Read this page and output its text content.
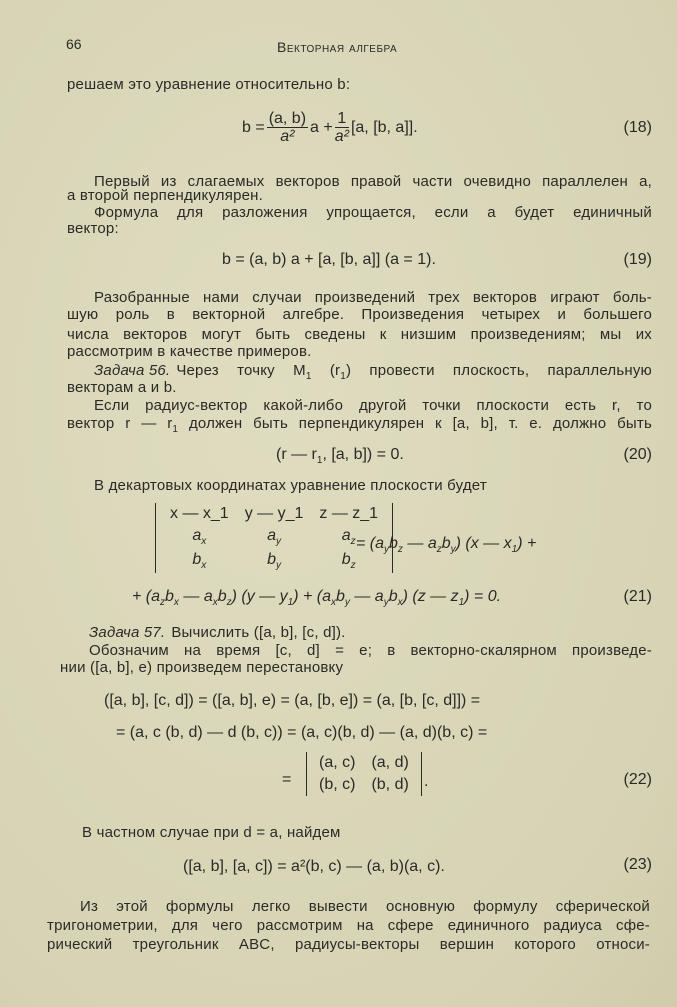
66	Векторная алгебра
решаем это уравнение относительно b:
$b = \frac{(a, b)}{\text{a²}}$ $a + \frac{1}{\text{a²}} [a$, [b, a]].	(18)
Первый из слагаемых векторов правой части очевидно параллелен a,
а второй перпендикулярен.
Формула для разложения упрощается, если a будет единичный
вектор:
b = (a, b) a + [a, [b, a]] (a = 1).	(19)
Разобранные нами случаи произведений трех векторов играют боль-
шую роль в векторной алгебре. Произведения четырех и большего
числа векторов могут быть сведены к низшим произведениям; мы их
рассмотрим в качестве примеров.
Задача 56. Через точку $M_1$ $(r_1)$ провести плоскость, параллельную
векторам a и b.
Если радиус-вектор какой-либо другой точки плоскости есть r, то
вектор r — $r_1$ должен быть перпендикулярен к [a, b], т. е. должно быть
(r — $r_1$, [a, b]) = 0.	(20)
В декартовых координатах уравнение плоскости будет
x — x_1	y — y_1	z — z_1
$a_x$	$a_y$	$a_z$
$b_x$	$b_y$	$b_z$
= ($a_yb_z$ — $a_zb_y$) (x — $x_1$) +
+ ($a_zb_x$ — $a_xb_z$) (y — $y_1) + (a_xb_y$ — $a_yb_x$) (z — $z_1) = 0$.	(21)
Задача 57. Вычислить ([a, b], [c, d]).
Обозначим на время [c, d] = e; в векторно-скалярном произведе-
нии ([a, b], e) произведем перестановку
([a, b], [c, d]) = ([a, b], e) = (a, [b, e]) = (a, [b, [c, d]]) =
= (a, c (b, d) — d (b, c)) = (a, c)(b, d) — (a, d)(b, c) =
=
(a, c)	(a, d)
(b, c)	(b, d) .	(22)
В частном случае при d = a, найдем
([a, b], [a, c]) = a²(b, c) — (a, b)(a, c).	(23)
Из этой формулы легко вывести основную формулу сферической
тригонометрии, для чего рассмотрим на сфере единичного радиуса сфе-
рический треугольник ABC, радиусы-векторы вершин которого относи-
